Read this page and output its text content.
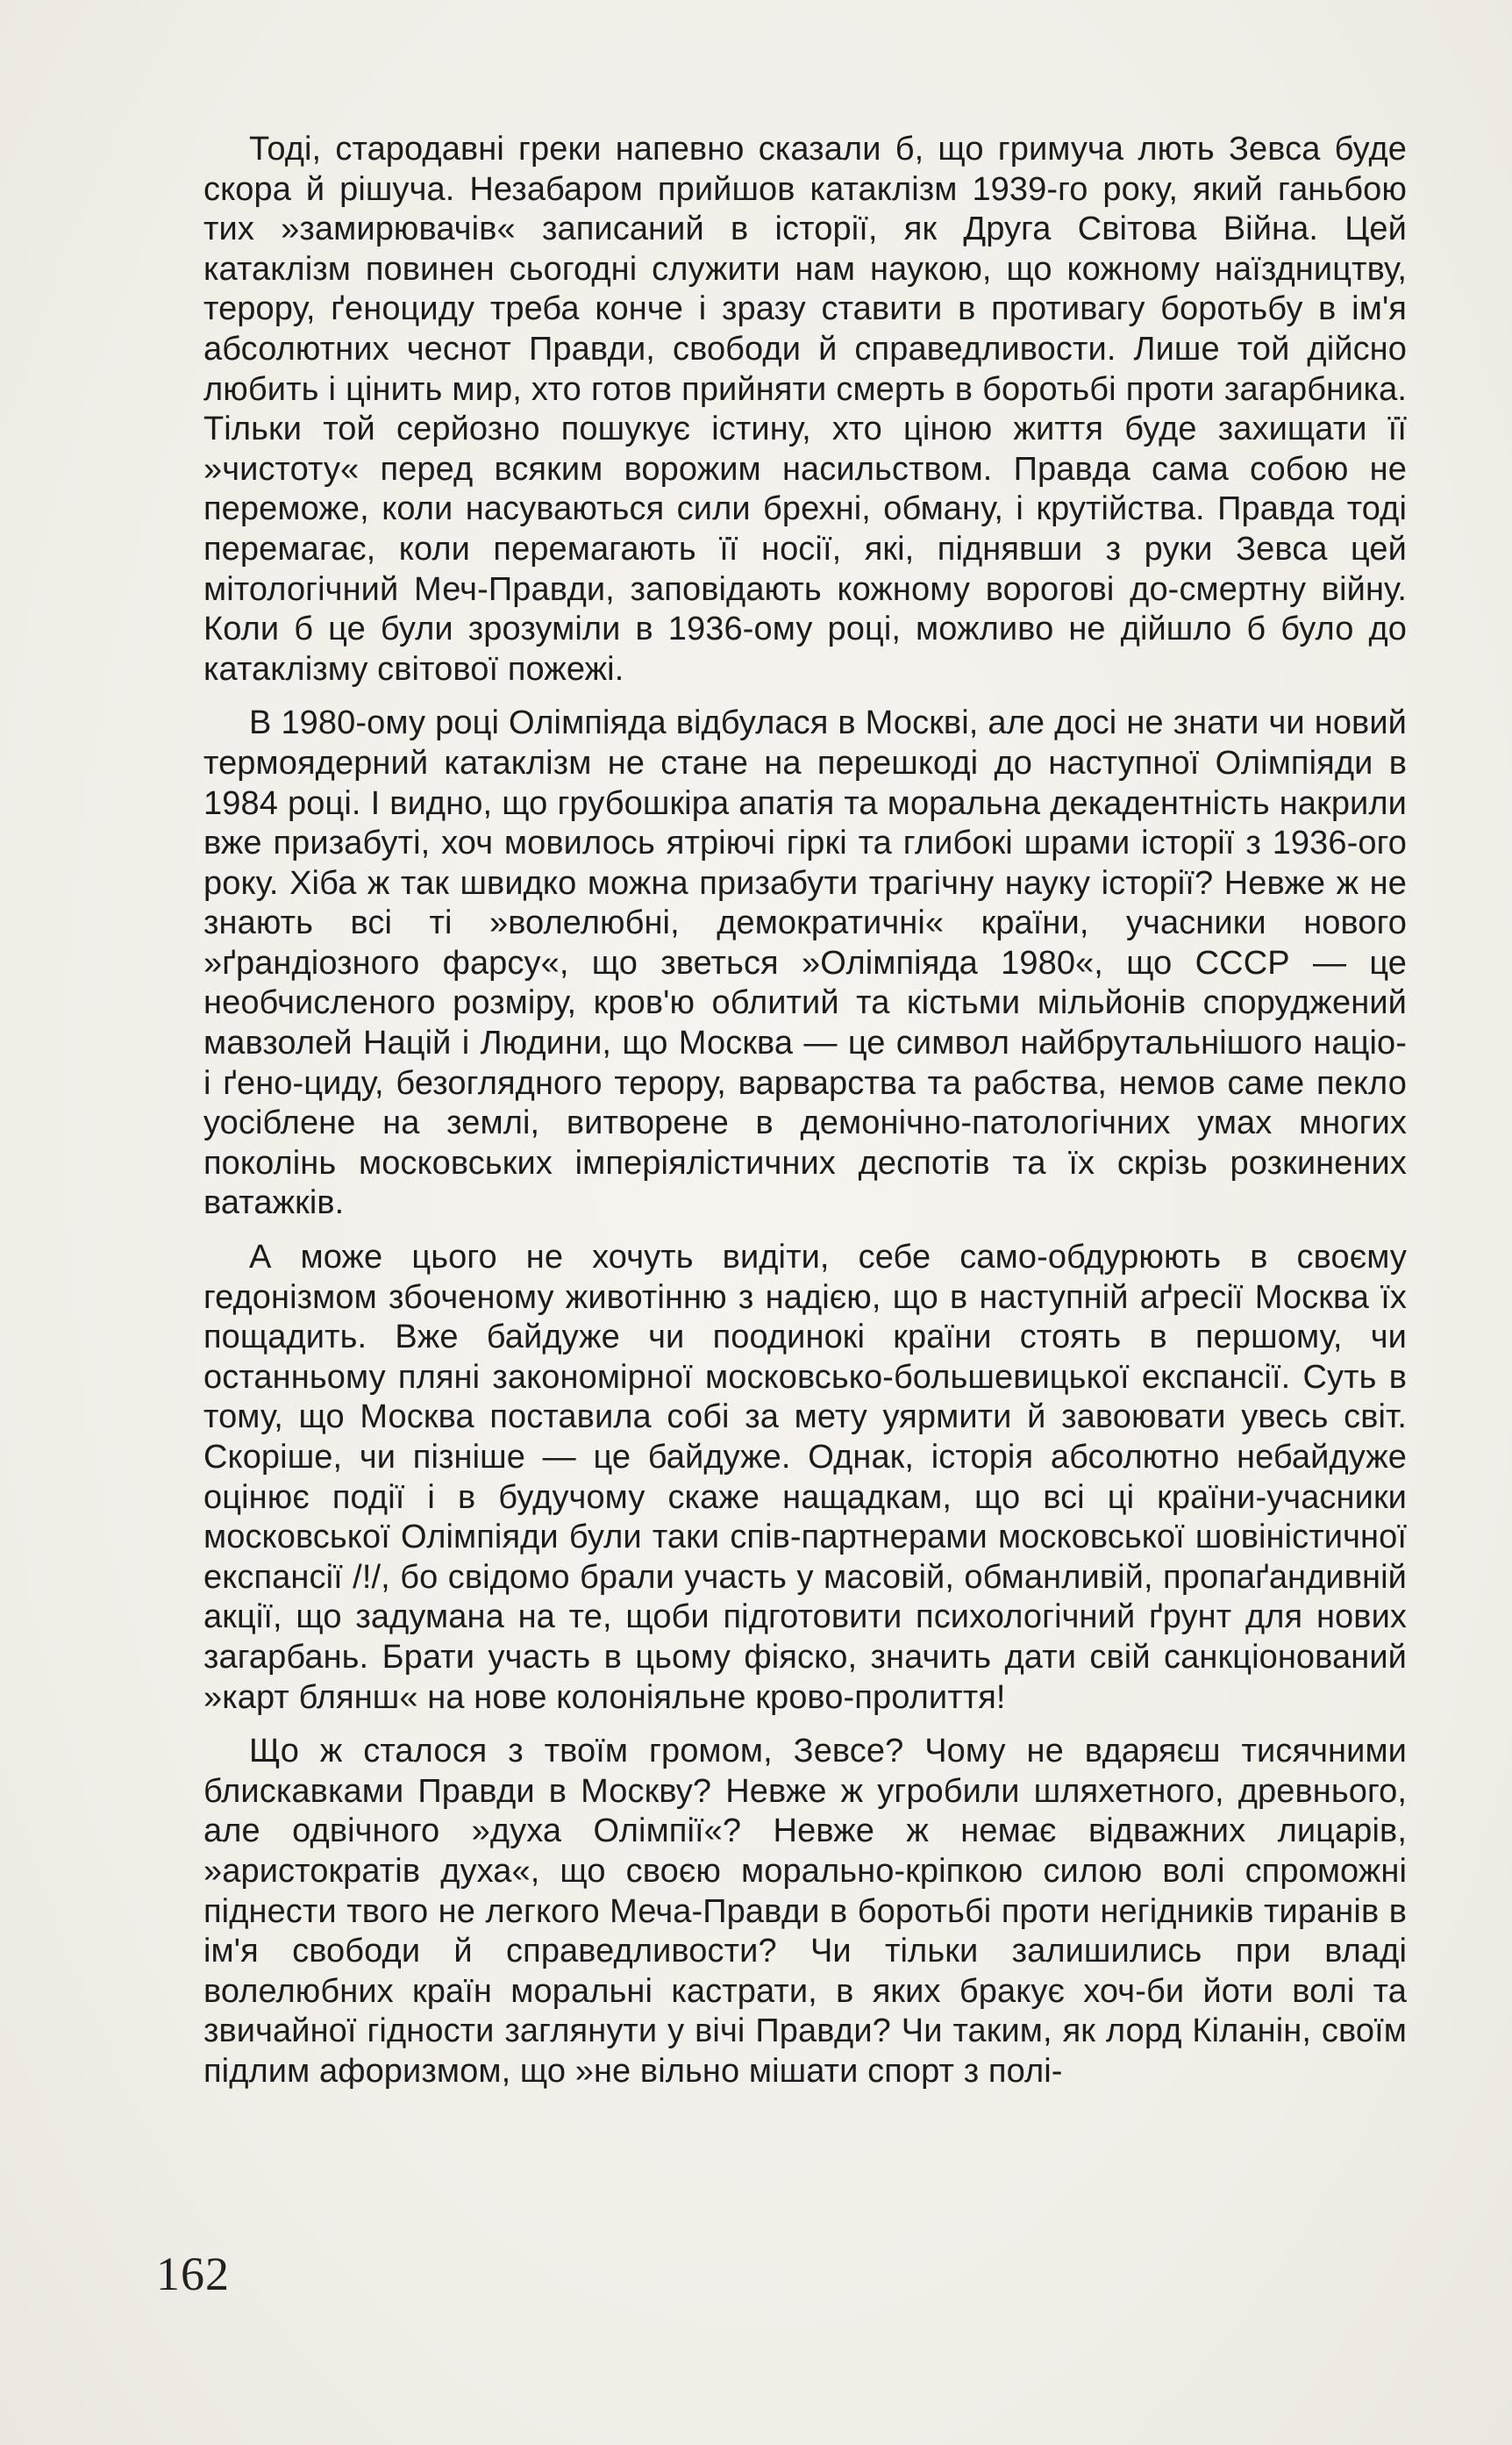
Тоді, стародавні греки напевно сказали б, що гримуча лють Зевса буде скора й рішуча. Незабаром прийшов катаклізм 1939-го року, який ганьбою тих »замирювачів« записаний в історії, як Друга Світова Війна. Цей катаклізм повинен сьогодні служити нам наукою, що кожному наїздництву, терору, ґеноциду треба конче і зразу ставити в противагу боротьбу в ім'я абсолютних чеснот Правди, свободи й справедливости. Лише той дійсно любить і цінить мир, хто готов прийняти смерть в боротьбі проти загарбника. Тільки той серйозно пошукує істину, хто ціною життя буде захищати її »чистоту« перед всяким ворожим насильством. Правда сама собою не переможе, коли насуваються сили брехні, обману, і крутійства. Правда тоді перемагає, коли перемагають її носії, які, піднявши з руки Зевса цей мітологічний Меч-Правди, заповідають кожному ворогові до-смертну війну. Коли б це були зрозуміли в 1936-ому році, можливо не дійшло б було до катаклізму світової пожежі.

В 1980-ому році Олімпіяда відбулася в Москві, але досі не знати чи новий термоядерний катаклізм не стане на перешкоді до наступної Олімпіяди в 1984 році. І видно, що грубошкіра апатія та моральна декадентність накрили вже призабуті, хоч мовилось ятріючі гіркі та глибокі шрами історії з 1936-ого року. Хіба ж так швидко можна призабути трагічну науку історії? Невже ж не знають всі ті »волелюбні, демократичні« країни, учасники нового »ґрандіозного фарсу«, що зветься »Олімпіяда 1980«, що СССР — це необчисленого розміру, кров'ю облитий та кістьми мільйонів споруджений мавзолей Націй і Людини, що Москва — це символ найбрутальнішого націо- і ґено-циду, безоглядного терору, варварства та рабства, немов саме пекло уосіблене на землі, витворене в демонічно-патологічних умах многих поколінь московських імперіялістичних деспотів та їх скрізь розкинених ватажків.

А може цього не хочуть видіти, себе само-обдурюють в своєму гедонізмом збоченому животінню з надією, що в наступній аґресії Москва їх пощадить. Вже байдуже чи поодинокі країни стоять в першому, чи останньому пляні закономірної московсько-большевицької експансії. Суть в тому, що Москва поставила собі за мету уярмити й завоювати увесь світ. Скоріше, чи пізніше — це байдуже. Однак, історія абсолютно небайдуже оцінює події і в будучому скаже нащадкам, що всі ці країни-учасники московської Олімпіяди були таки спів-партнерами московської шовіністичної експансії /!/, бо свідомо брали участь у масовій, обманливій, пропаґандивній акції, що задумана на те, щоби підготовити психологічний ґрунт для нових загарбань. Брати участь в цьому фіяско, значить дати свій санкціонований »карт блянш« на нове колоніяльне крово-пролиття!

Що ж сталося з твоїм громом, Зевсе? Чому не вдаряєш тисячними блискавками Правди в Москву? Невже ж угробили шляхетного, древнього, але одвічного »духа Олімпії«? Невже ж немає відважних лицарів, »аристократів духа«, що своєю морально-кріпкою силою волі спроможні піднести твого не легкого Меча-Правди в боротьбі проти негідників тиранів в ім'я свободи й справедливости? Чи тільки залишились при владі волелюбних країн моральні кастрати, в яких бракує хоч-би йоти волі та звичайної гідности заглянути у вічі Правди? Чи таким, як лорд Кіланін, своїм підлим афоризмом, що »не вільно мішати спорт з полі-

162
